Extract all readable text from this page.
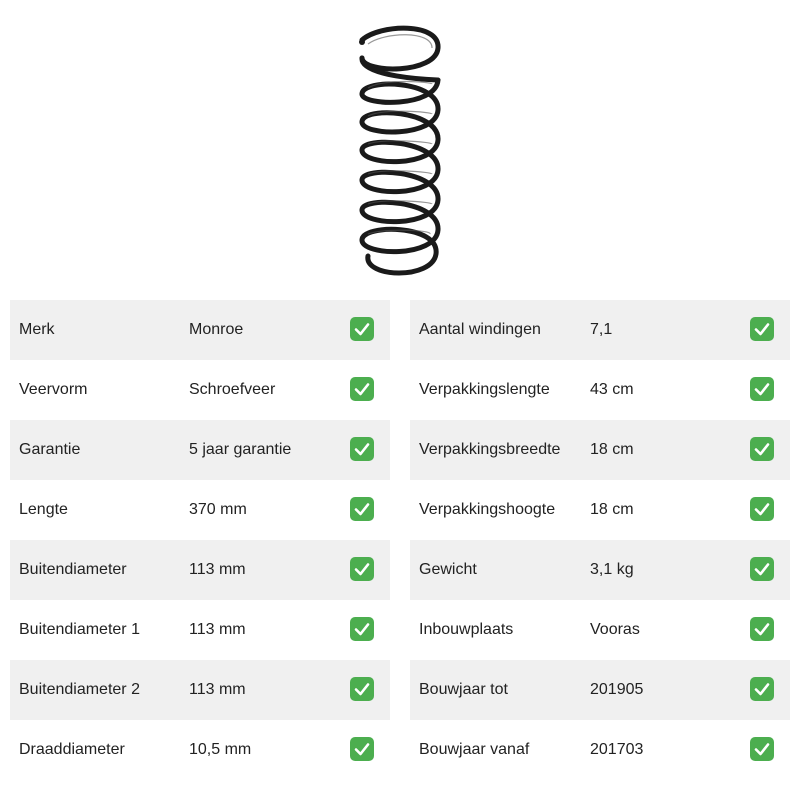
Merk	Monroe
Veervorm	Schroefveer
Garantie	5 jaar garantie
Lengte	370 mm
Buitendiameter	113 mm
Buitendiameter 1	113 mm
Buitendiameter 2	113 mm
Draaddiameter	10,5 mm
Aantal windingen	7,1
Verpakkingslengte	43 cm
Verpakkingsbreedte 18 cm
Verpakkingshoogte 18 cm
Gewicht	3,1 kg
Inbouwplaats	Vooras
Bouwjaar tot	201905
Bouwjaar vanaf	201703
